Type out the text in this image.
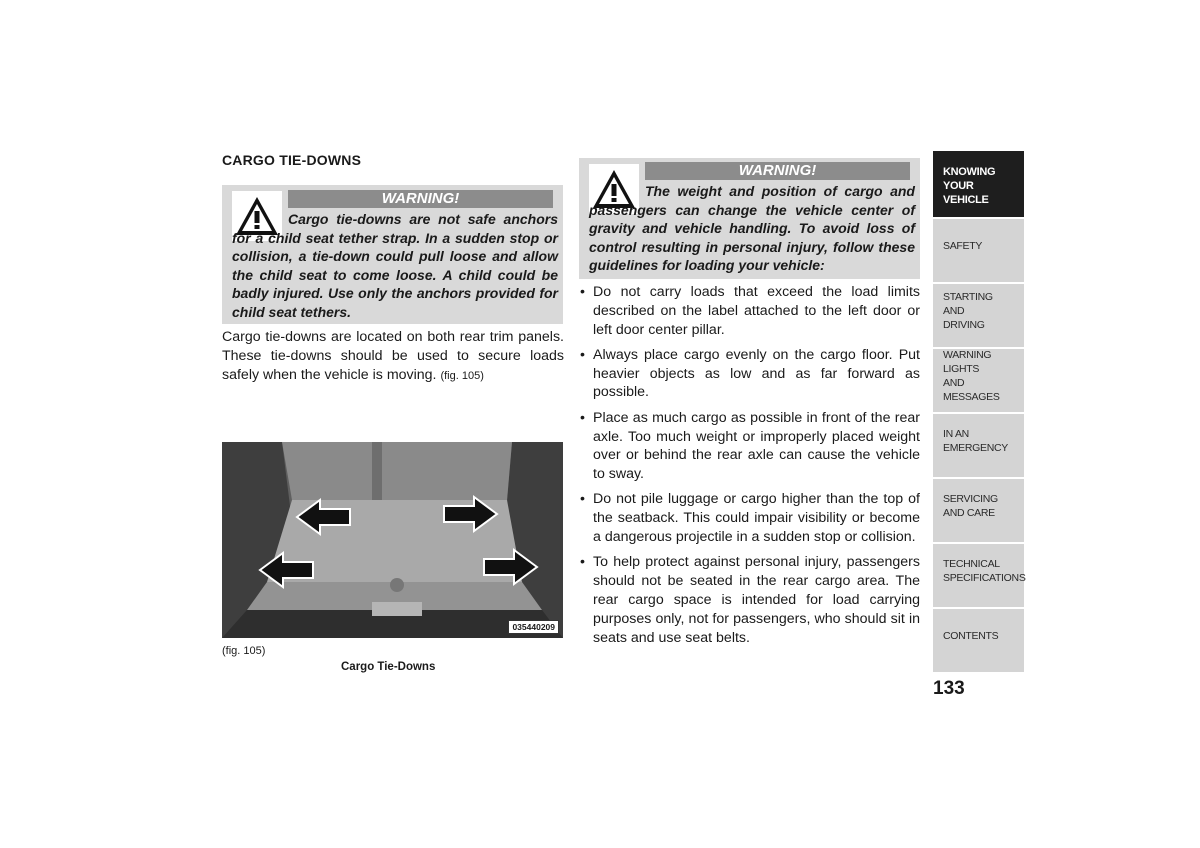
CARGO TIE-DOWNS
WARNING!
Cargo tie-downs are not safe anchors for a child seat tether strap. In a sudden stop or collision, a tie-down could pull loose and allow the child seat to come loose. A child could be badly injured. Use only the anchors provided for child seat tethers.
Cargo tie-downs are located on both rear trim panels. These tie-downs should be used to secure loads safely when the vehicle is moving. (fig. 105)
035440209
(fig. 105)
Cargo Tie-Downs
WARNING!
The weight and position of cargo and passengers can change the vehicle center of gravity and vehicle handling. To avoid loss of control resulting in personal injury, follow these guidelines for loading your vehicle:
• Do not carry loads that exceed the load limits described on the label attached to the left door or left door center pillar.
• Always place cargo evenly on the cargo floor. Put heavier objects as low and as far forward as possible.
• Place as much cargo as possible in front of the rear axle. Too much weight or improperly placed weight over or behind the rear axle can cause the vehicle to sway.
• Do not pile luggage or cargo higher than the top of the seatback. This could impair visibility or become a dangerous projectile in a sudden stop or collision.
• To help protect against personal injury, passengers should not be seated in the rear cargo area. The rear cargo space is intended for load carrying purposes only, not for passengers, who should sit in seats and use seat belts.
KNOWING
YOUR
VEHICLE
SAFETY
STARTING
AND
DRIVING
WARNING
LIGHTS
AND
MESSAGES
IN AN
EMERGENCY
SERVICING
AND CARE
TECHNICAL
SPECIFICATIONS
CONTENTS
133
